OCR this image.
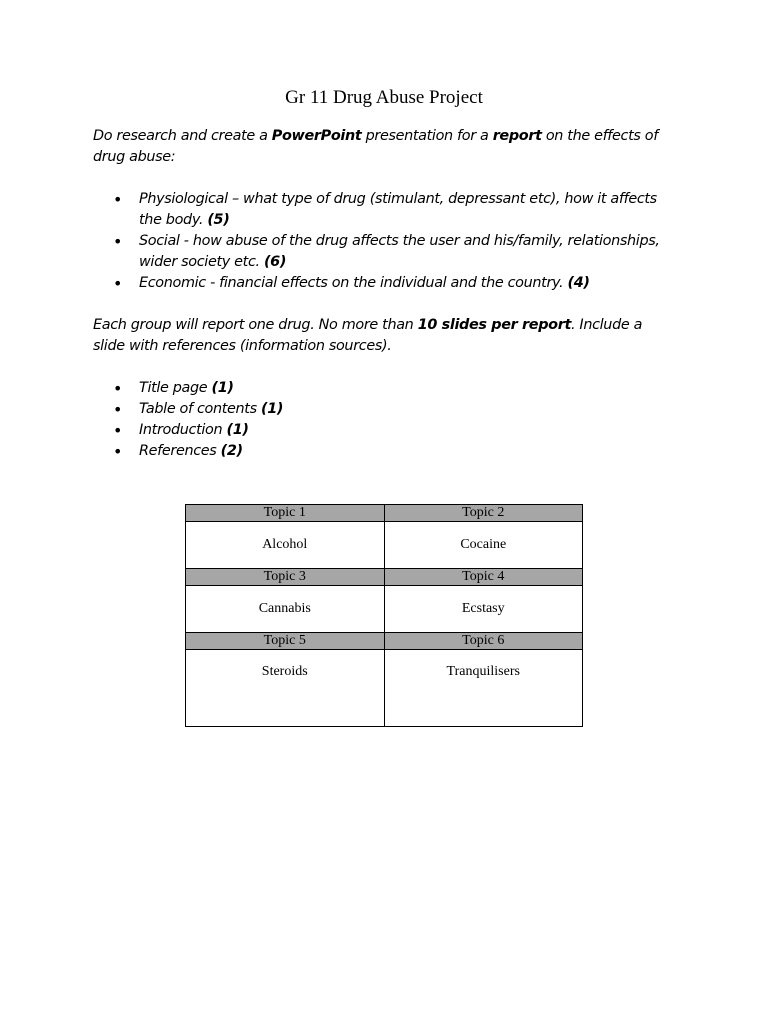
Gr 11 Drug Abuse Project

Do research and create a PowerPoint presentation for a report on the effects of drug abuse:

• Physiological – what type of drug (stimulant, depressant etc), how it affects the body. (5)
• Social - how abuse of the drug affects the user and his/family, relationships, wider society etc. (6)
• Economic - financial effects on the individual and the country. (4)

Each group will report one drug. No more than 10 slides per report. Include a slide with references (information sources).

• Title page (1)
• Table of contents (1)
• Introduction (1)
• References (2)
Topic 1	Topic 2
Alcohol	Cocaine
Topic 3	Topic 4
Cannabis	Ecstasy
Topic 5	Topic 6
Steroids	Tranquilisers
